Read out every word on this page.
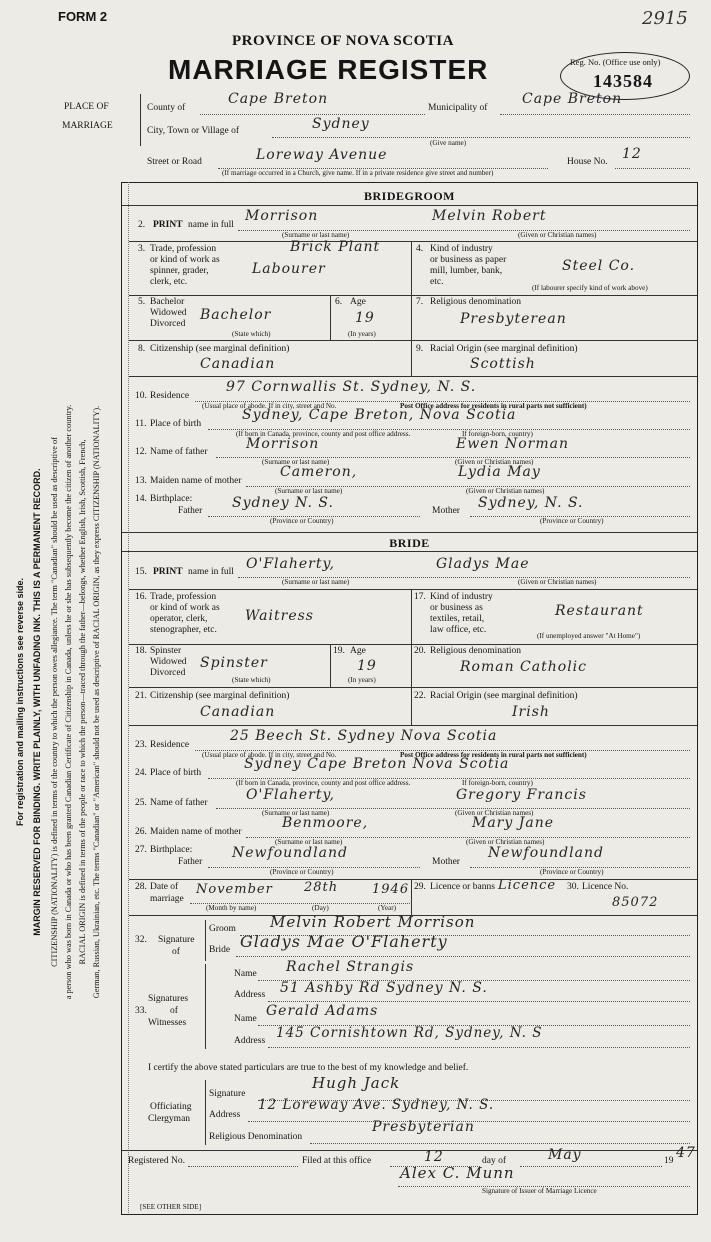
FORM 2	2915
PROVINCE OF NOVA SCOTIA
MARRIAGE REGISTER	Reg. No. (Office use only)
143584
PLACE OF
MARRIAGE
County of
Cape Breton
Municipality of
Cape Breton
City, Town or Village of	Sydney
(Give name)
Street or Road	Loreway Avenue	House No. 12
(If marriage occurred in a Church, give name. If in a private residence give street and number)
For registration and mailing instructions see reverse side. MARGIN RESERVED FOR BINDING. WRITE PLAINLY, WITH UNFADING INK. THIS IS A PERMANENT RECORD. CITIZENSHIP (NATIONALITY) is defined in terms of the country to which the person owes allegiance. The term "Canadian" should be used as descriptive of a person who was born in Canada or who has been granted Canadian Certificate of Citizenship in Canada, unless he or she has subsequently become the citizen of another country. RACIAL ORIGIN is defined in terms of the people or race to which the person—traced through the father—belongs, whether English, Irish, Scottish, French, German, Russian, Ukrainian, etc. The terms "Canadian" or "American" should not be used as descriptive of RACIAL ORIGIN, as they express CITIZENSHIP (NATIONALITY).
BRIDEGROOM
2. PRINT name in full
Morrison	Melvin Robert
(Surname or last name)	(Given or Christian names)
3. Trade, profession
or kind of work as
spinner, grader,
clerk, etc.
Brick Plant
Labourer
4. Kind of industry
or business as paper
mill, lumber, bank,
etc.
Steel Co.
(If labourer specify kind of work above)
5. Bachelor
Widowed
Divorced
Bachelor
(State which)
6. Age
19
(In years)
7. Religious denomination
Presbyterean
8. Citizenship (see marginal definition)
Canadian
9. Racial Origin (see marginal definition)
Scottish
10. Residence
97 Cornwallis St. Sydney, N. S.
(Usual place of abode. If in city, street and No.	Post Office address for residents in rural parts not sufficient)
11. Place of birth
Sydney, Cape Breton, Nova Scotia
(If born in Canada, province, county and post office address.	If foreign-born, country)
12. Name of father	Morrison	Ewen Norman
(Surname or last name)	(Given or Christian names)
13. Maiden name of mother
Cameron,	Lydia May
(Surname or last name)	(Given or Christian names)
14. Birthplace:
Father Sydney N. S.	Mother Sydney, N. S.
(Province or Country)	(Province or Country)
BRIDE
15. PRINT name in full O'Flaherty,	Gladys Mae
(Surname or last name)	(Given or Christian names)
16. Trade, profession
or kind of work as
operator, clerk,
stenographer, etc.
Waitress
17. Kind of industry
or business as
textiles, retail,
law office, etc.
Restaurant
(If unemployed answer "At Home")
18. Spinster
Widowed
Divorced
Spinster
(State which)
19. Age
19
(In years)
20. Religious denomination
Roman Catholic
21. Citizenship (see marginal definition)
Canadian
22. Racial Origin (see marginal definition)
Irish
23. Residence
25 Beech St. Sydney Nova Scotia
(Usual place of abode. If in city, street and No.	Post Office address for residents in rural parts not sufficient)
24. Place of birth
Sydney Cape Breton Nova Scotia
(If born in Canada, province, county and post office address.	If foreign-born, country)
25. Name of father	O'Flaherty,	Gregory Francis
(Surname or last name)	(Given or Christian names)
26. Maiden name of mother
Benmoore,	Mary Jane
(Surname or last name)	(Given or Christian names)
27. Birthplace:
Father
Newfoundland
Mother
Newfoundland
(Province or Country)	(Province or Country)
28. Date of
marriage
November 28th	1946
(Month by name)	(Day)	(Year)
29. Licence or banns Licence 30. Licence No.
85072
32. Signature
of
Groom Melvin Robert Morrison
Bride Gladys Mae O'Flaherty
33.
Signatures
of
Witnesses
Name Rachel Strangis
Address 51 Ashby Rd Sydney N. S.
Name Gerald Adams
Address 145 Cornishtown Rd, Sydney, N. S
I certify the above stated particulars are true to the best of my knowledge and belief.
Officiating
Clergyman
Signature
Hugh Jack
Address
12 Loreway Ave. Sydney, N. S.
Religious Denomination
Presbyterian
Registered No.	Filed at this office	12	day of	May	19 47
Alex C. Munn
Signature of Issuer of Marriage Licence
[SEE OTHER SIDE]
